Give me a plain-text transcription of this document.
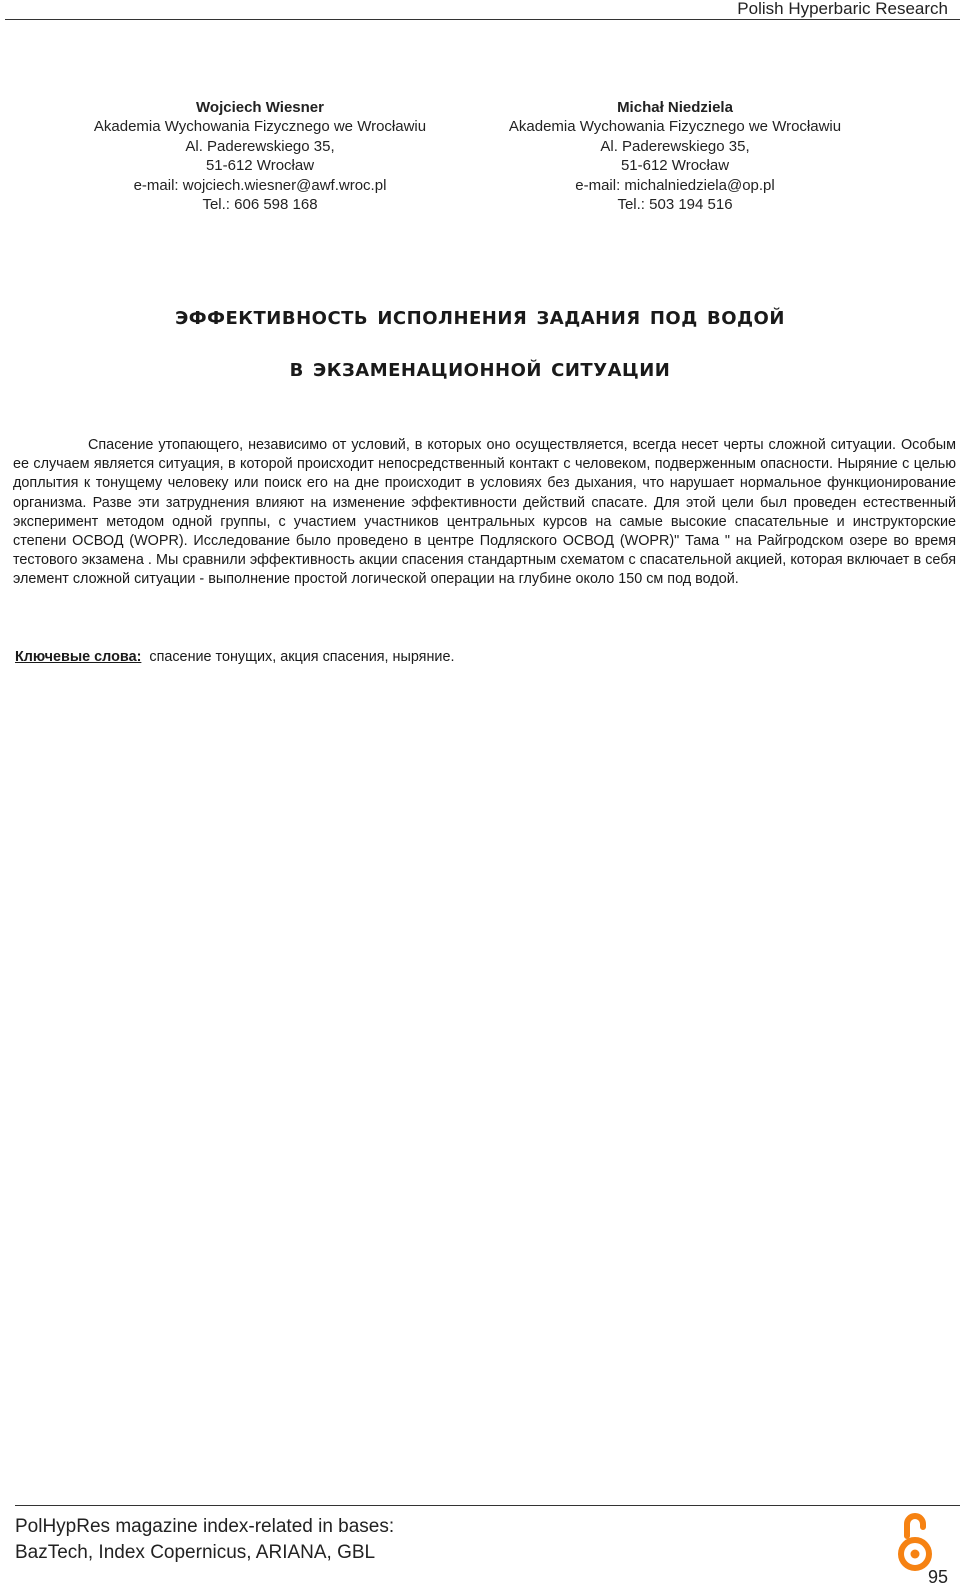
Polish Hyperbaric Research
Wojciech Wiesner
Akademia Wychowania Fizycznego we Wrocławiu
Al. Paderewskiego 35,
51-612 Wrocław
e-mail: wojciech.wiesner@awf.wroc.pl
Tel.: 606 598 168
Michał Niedziela
Akademia Wychowania Fizycznego we Wrocławiu
Al. Paderewskiego 35,
51-612 Wrocław
e-mail: michalniedziela@op.pl
Tel.: 503 194 516
эффективность исполнения задания под водой
в экзаменационной ситуации
Спасение утопающего, независимо от условий, в которых оно осуществляется, всегда несет черты сложной ситуации. Особым ее случаем является ситуация, в которой происходит непосредственный контакт с человеком, подверженным опасности. Ныряние с целью доплытия к тонущему человеку или поиск его на дне происходит в условиях без дыхания, что нарушает нормальное функционирование организма. Разве эти затруднения влияют на изменение эффективности действий спасате. Для этой цели был проведен естественный эксперимент методом одной группы, с участием участников центральных курсов на самые высокие спасательные и инструкторские степени ОСВОД (WOPR). Исследование было проведено в центре Подляского ОСВОД (WOPR)" Тама " на Райгродском озере во время тестового экзамена . Мы сравнили эффективность акции спасения стандартным схематом с спасательной акцией, которая включает в себя элемент сложной ситуации - выполнение простой логической операции на глубине около 150 см под водой.
Ключевые слова: спасение тонущих, акция спасения, ныряние.
PolHypRes magazine index-related in bases:
BazTech, Index Copernicus, ARIANA, GBL
95
